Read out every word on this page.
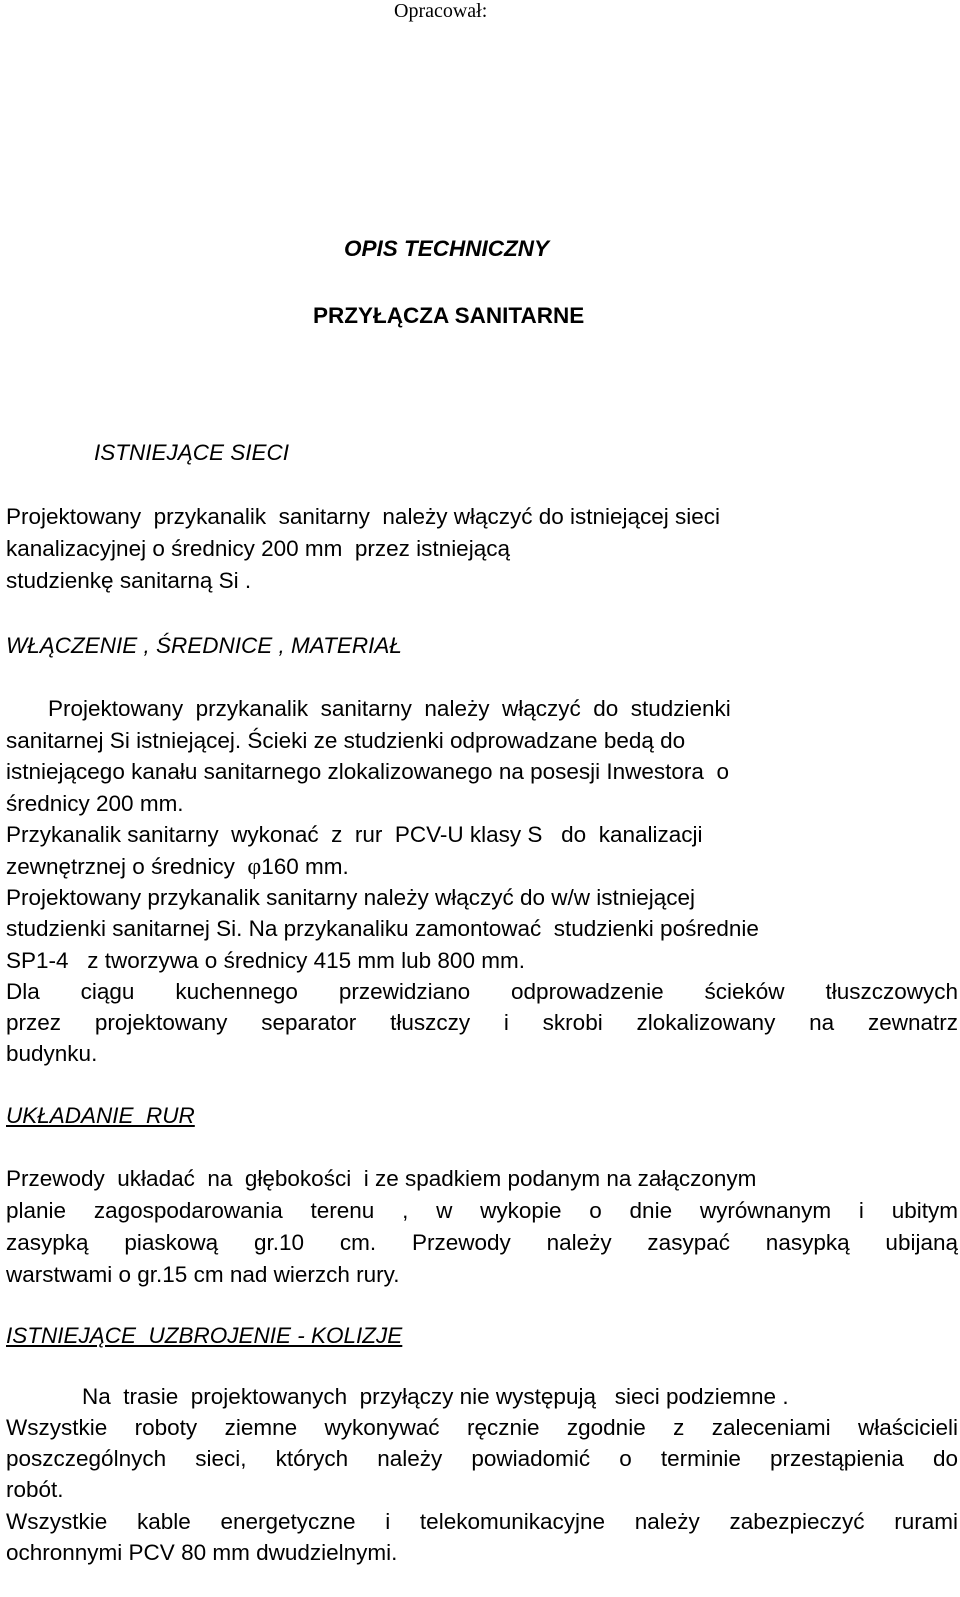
Opracował:
OPIS TECHNICZNY
PRZYŁĄCZA SANITARNE
ISTNIEJĄCE SIECI
Projektowany  przykanalik  sanitarny  należy włączyć do istniejącej sieci
kanalizacyjnej o średnicy 200 mm  przez istniejącą
studzienkę sanitarną Si .
WŁĄCZENIE , ŚREDNICE , MATERIAŁ
Projektowany  przykanalik  sanitarny  należy  włączyć  do  studzienki
sanitarnej Si istniejącej. Ścieki ze studzienki odprowadzane bedą do
istniejącego kanału sanitarnego zlokalizowanego na posesji Inwestora  o
średnicy 200 mm.
Przykanalik sanitarny  wykonać  z  rur  PCV-U klasy S   do  kanalizacji
zewnętrznej o średnicy  φ160 mm.
Projektowany przykanalik sanitarny należy włączyć do w/w istniejącej
studzienki sanitarnej Si. Na przykanaliku zamontować  studzienki pośrednie
SP1-4   z tworzywa o średnicy 415 mm lub 800 mm.
Dla ciągu kuchennego przewidziano odprowadzenie ścieków tłuszczowych
przez projektowany separator tłuszczy i skrobi zlokalizowany na zewnatrz
budynku.
UKŁADANIE  RUR
Przewody  układać  na  głębokości  i ze spadkiem podanym na załączonym
planie zagospodarowania terenu , w wykopie o dnie wyrównanym i ubitym
zasypką piaskową gr.10 cm. Przewody należy zasypać nasypką ubijaną
warstwami o gr.15 cm nad wierzch rury.
ISTNIEJĄCE  UZBROJENIE - KOLIZJE
Na  trasie  projektowanych  przyłączy nie występują   sieci podziemne .
Wszystkie roboty ziemne wykonywać ręcznie zgodnie z zaleceniami właścicieli
poszczególnych sieci, których należy powiadomić o terminie przestąpienia do
robót.
Wszystkie kable energetyczne i telekomunikacyjne należy zabezpieczyć rurami
ochronnymi PCV 80 mm dwudzielnymi.
